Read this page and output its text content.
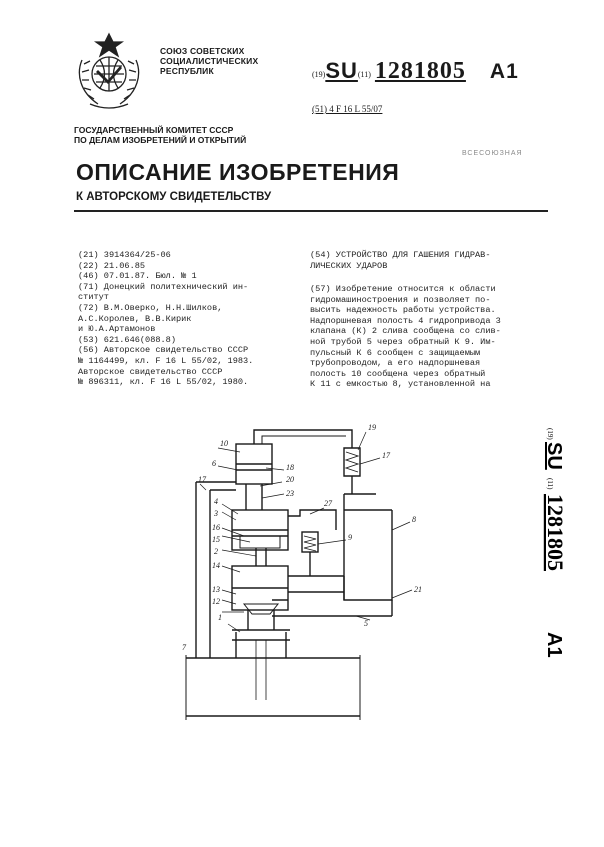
СОЮЗ СОВЕТСКИХ
СОЦИАЛИСТИЧЕСКИХ
РЕСПУБЛИК	(19)SU(11) 1281805 A1
(51) 4 F 16 L 55/07
ГОСУДАРСТВЕННЫЙ КОМИТЕТ СССР
ПО ДЕЛАМ ИЗОБРЕТЕНИЙ И ОТКРЫТИЙ
ВСЕСОЮЗНАЯ
ОПИСАНИЕ ИЗОБРЕТЕНИЯ
К АВТОРСКОМУ СВИДЕТЕЛЬСТВУ
(21) 3914364/25-06
(22) 21.06.85
(46) 07.01.87. Бюл. № 1
(71) Донецкий политехнический ин-
ститут
(72) В.М.Оверко, Н.Н.Шилков,
А.С.Королев, В.В.Кирик
и Ю.А.Артамонов
(53) 621.646(088.8)
(56) Авторское свидетельство СССР
№ 1164499, кл. F 16 L 55/02, 1983.
Авторское свидетельство СССР
№ 896311, кл. F 16 L 55/02, 1980.
(54) УСТРОЙСТВО ДЛЯ ГАШЕНИЯ ГИДРАВ-
ЛИЧЕСКИХ УДАРОВ
(57) Изобретение относится к области
гидромашиностроения и позволяет по-
высить надежность работы устройства.
Надпоршневая полость 4 гидропривода 3
клапана (К) 2 слива сообщена со слив-
ной трубой 5 через обратный К 9. Им-
пульсный К 6 сообщен с защищаемым
трубопроводом, а его надпоршневая
полость 10 сообщена через обратный
К 11 с емкостью 8, установленной на
(19)
SU
(11)
1281805
A1
10
6	18
20
23
17
4
3
16
15
2
14
13
12
1
7
27
9
8
21
5
19
17
